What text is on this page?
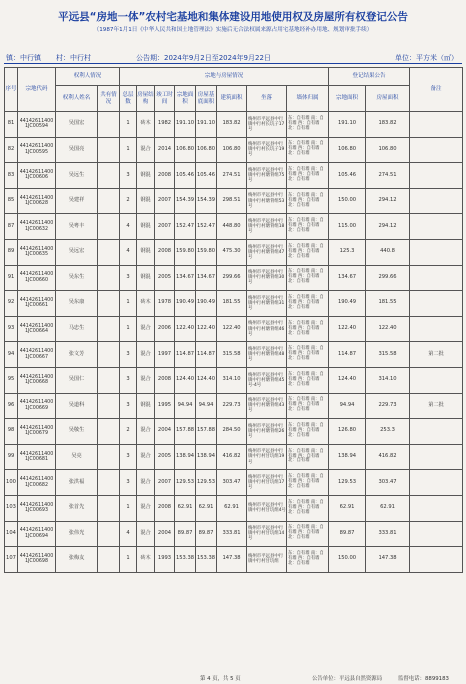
平远县“房地一体”农村宅基地和集体建设用地使用权及房屋所有权登记公告
（1987年1月1日《中华人民共和国土地管理法》实施后无合法权属来源占用宅基地经补办用地、规划审批手续）
镇：中行镇 村：中行村	公告期：2024年9月2日至2024年9月22日	单位：平方米（㎡）
序号	宗地代码	权利人情况		宗地与房屋情况								登记结果公告		备注
		权利人姓名	共有情况	总层数	房屋结构	竣工时间	宗地面积	房屋基底面积	建筑面积	坐落	墙体归属	宗地面积	房屋面积	
81	44142611400 1JC00594	吴国宏		1	砖木	1982	191.10	191.10	183.82	梅州市平远县中行镇中行村长坑子17号	东：自有墙 南：自有墙 西：自有墙 北：自有墙	191.10	183.82	
82	44142611400 1JC00595	吴国亮		1	混合	2014	106.80	106.80	106.80	梅州市平远县中行镇中行村长坑子19号	东：自有墙 南：自有墙 西：自有墙 北：自有墙	106.80	106.80	
83	44142611400 1JC00606	吴远生		3	钢混	2008	105.46	105.46	274.51	梅州市平远县中行镇中行村塘背组75号	东：自有墙 南：自有墙 西：自有墙 北：自有墙	105.46	274.51	
85	44142611400 1JC00628	吴建祥		2	钢混	2007	154.39	154.39	298.51	梅州市平远县中行镇中行村塘背组53号	东：自有墙 南：自有墙 西：自有墙 北：自有墙	150.00	294.12	
87	44142611400 1JC00632	吴粤丰		4	钢混	2007	152.47	152.47	448.80	梅州市平远县中行镇中行村塘背组18号	东：自有墙 南：自有墙 西：自有墙 北：自有墙	115.00	294.12	
89	44142611400 1JC00635	吴远宏		4	钢混	2008	159.80	159.80	475.30	梅州市平远县中行镇中行村塘背组47号	东：自有墙 南：自有墙 西：自有墙 北：自有墙	125.3	440.8	
91	44142611400 1JC00660	吴东生		3	钢混	2005	134.67	134.67	299.66	梅州市平远县中行镇中行村塘背组30号	东：自有墙 南：自有墙 西：自有墙 北：自有墙	134.67	299.66	
92	44142611400 1JC00661	吴东康		1	砖木	1978	190.49	190.49	181.55	梅州市平远县中行镇中行村塘背组31号	东：自有墙 南：自有墙 西：自有墙 北：自有墙	190.49	181.55	
93	44142611400 1JC00664	马忠生		1	混合	2006	122.40	122.40	122.40	梅州市平远县中行镇中行村塘背组46号	东：自有墙 南：自有墙 西：自有墙 北：自有墙	122.40	122.40	
94	44142611400 1JC00667	张文芳		3	混合	1997	114.87	114.87	315.58	梅州市平远县中行镇中行村塘背组48号	东：自有墙 南：自有墙 西：自有墙 北：自有墙	114.87	315.58	第二批
95	44142611400 1JC00668	吴国仁		3	混合	2008	124.40	124.40	314.10	梅州市平远县中行镇中行村塘背组45号-4号	东：自有墙 南：自有墙 西：自有墙 北：自有墙	124.40	314.10	
96	44142611400 1JC00669	吴道科		3	钢混	1995	94.94	94.94	229.73	梅州市平远县中行镇中行村塘背组43号	东：自有墙 南：自有墙 西：自有墙 北：自有墙	94.94	229.73	第二批
98	44142611400 1JC00679	吴敬生		2	混合	2004	157.88	157.88	284.50	梅州市平远县中行镇中行村塘背组26号	东：自有墙 南：自有墙 西：自有墙 北：自有墙	126.80	253.3	
99	44142611400 1JC00681	吴亮		3	混合	2005	138.94	138.94	416.82	梅州市平远县中行镇中行村甘坑组19号	东：自有墙 南：自有墙 西：自有墙 北：自有墙	138.94	416.82	
100	44142611400 1JC00682	张洪福		3	混合	2007	129.53	129.53	303.47	梅州市平远县中行镇中行村甘坑组17号	东：自有墙 南：自有墙 西：自有墙 北：自有墙	129.53	303.47	
103	44142611400 1JC00693	张首先		1	混合	2008	62.91	62.91	62.91	梅州市平远县中行镇中行村甘坑组4号	东：自有墙 南：自有墙 西：自有墙 北：自有墙	62.91	62.91	
104	44142611400 1JC00694	张伟光		4	混合	2004	89.87	89.87	333.81	梅州市平远县中行镇中行村甘坑组14号	东：自有墙 南：自有墙 西：自有墙 北：自有墙	89.87	333.81	
107	44142611400 1JC00698	张梅友		1	砖木	1993	153.38	153.38	147.38	梅州市平远县中行镇中行村甘坑组	东：自有墙 南：自有墙 西：自有墙 北：自有墙	150.00	147.38	
第 4 页，共 5 页	公告单位：平远县自然资源局	监督电话：8899183
